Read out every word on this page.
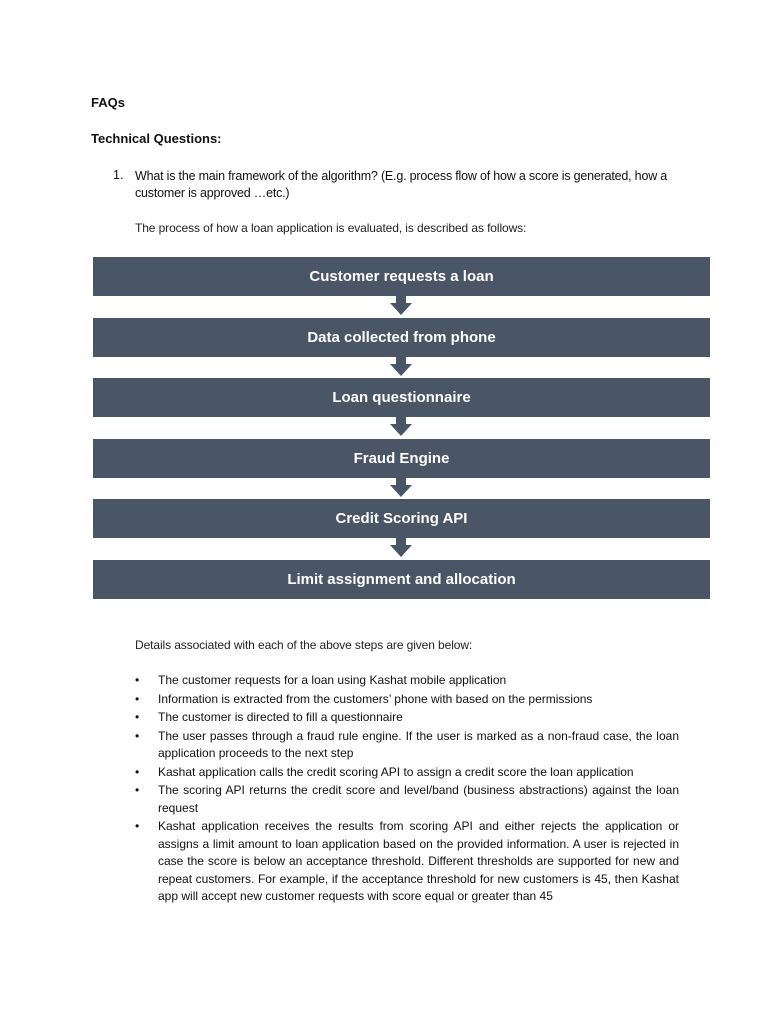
FAQs
Technical Questions:
1. What is the main framework of the algorithm? (E.g. process flow of how a score is generated, how a customer is approved …etc.)
The process of how a loan application is evaluated, is described as follows:
Customer requests a loan
Data collected from phone
Loan questionnaire
Fraud Engine
Credit Scoring API
Limit assignment and allocation
Details associated with each of the above steps are given below:
• The customer requests for a loan using Kashat mobile application
• Information is extracted from the customers’ phone with based on the permissions
• The customer is directed to fill a questionnaire
• The user passes through a fraud rule engine. If the user is marked as a non-fraud case, the loan application proceeds to the next step
• Kashat application calls the credit scoring API to assign a credit score the loan application
• The scoring API returns the credit score and level/band (business abstractions) against the loan request
• Kashat application receives the results from scoring API and either rejects the application or assigns a limit amount to loan application based on the provided information. A user is rejected in case the score is below an acceptance threshold. Different thresholds are supported for new and repeat customers. For example, if the acceptance threshold for new customers is 45, then Kashat app will accept new customer requests with score equal or greater than 45
